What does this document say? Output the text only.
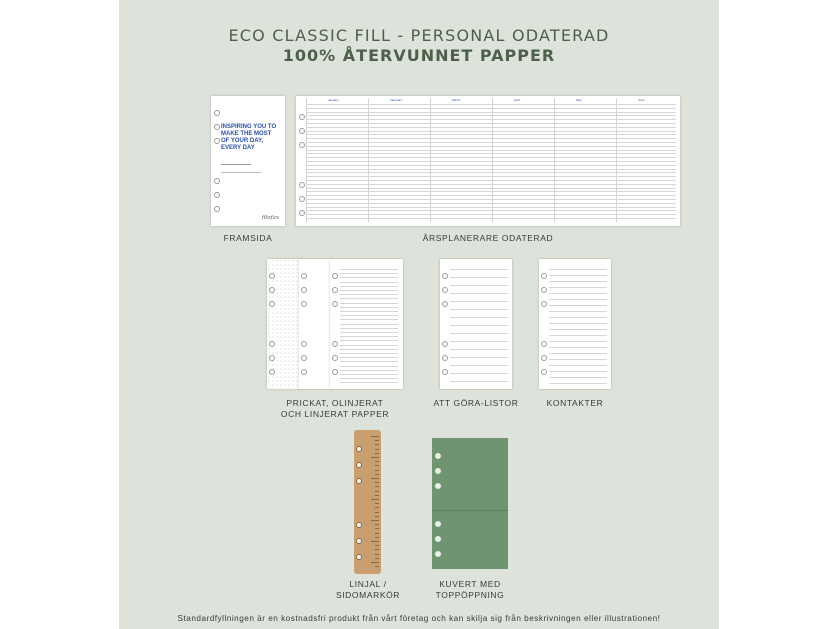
ECO CLASSIC FILL - PERSONAL ODATERAD
100% ÅTERVUNNET PAPPER
INSPIRING YOU TO MAKE THE MOST OF YOUR DAY, EVERY DAY
filofax
January	February	March	April	May	June
FRAMSIDA	ÅRSPLANERARE ODATERAD
PRICKAT, OLINJERAT
OCH LINJERAT PAPPER
ATT GÖRA-LISTOR	KONTAKTER
LINJAL /
SIDOMARKÖR
KUVERT MED
TOPPÖPPNING
Standardfyllningen är en kostnadsfri produkt från vårt företag och kan skilja sig från beskrivningen eller illustrationen!
